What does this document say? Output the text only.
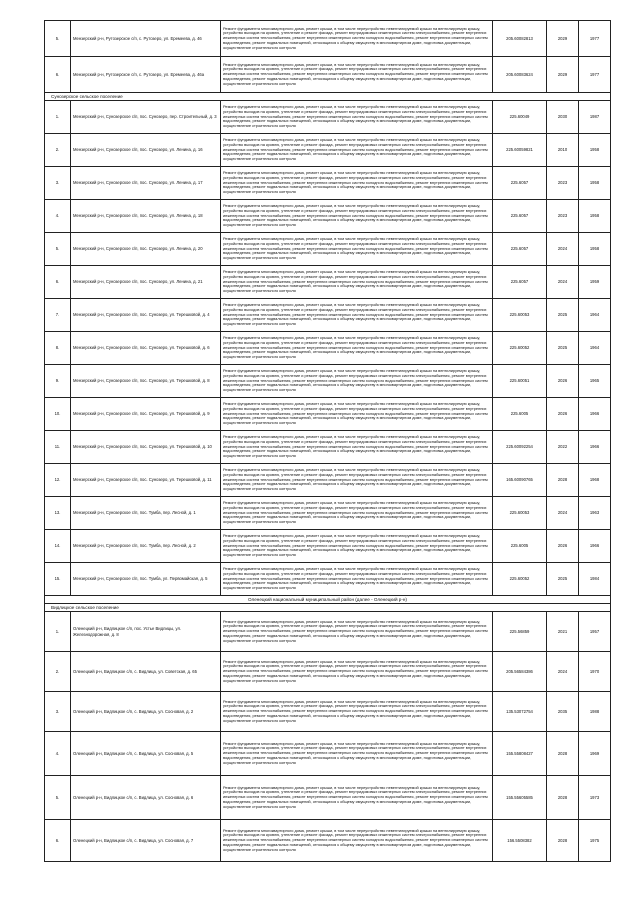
5.	Мензерский р-н, Рутозерское с/п, с. Рутозеро, ул. Еремеева, д. 46	Ремонт фундамента многоквартирного дома, ремонт крыши, в том числе переустройство невентилируемой крыши на вентилируемую крышу, устройство выходов на кровлю, утепление и ремонт фасада, ремонт внутридомовых инженерных систем электроснабжения, ремонт внутренних инженерных систем теплоснабжения, ремонт внутренних инженерных систем холодного водоснабжения, ремонт внутренних инженерных систем водоотведения, ремонт подвальных помещений, относящихся к общему имуществу в многоквартирном доме, подготовка документации, осуществление строительного контроля	205.60082813	2029	1977
6.	Мензерский р-н, Рутозерское с/п, с. Рутозеро, ул. Еремеева, д. 46а	Ремонт фундамента многоквартирного дома, ремонт крыши, в том числе переустройство невентилируемой крыши на вентилируемую крышу, устройство выходов на кровлю, утепление и ремонт фасада, ремонт внутридомовых инженерных систем электроснабжения, ремонт внутренних инженерных систем теплоснабжения, ремонт внутренних инженерных систем холодного водоснабжения, ремонт внутренних инженерных систем водоотведения, ремонт подвальных помещений, относящихся к общему имуществу в многоквартирном доме, подготовка документации, осуществление строительного контроля	205.60083624	2029	1977
Сунозерское сельское поселение					
1.	Мензерский р-н, Сунозерское с/п, пос. Сунозеро, пер. Строительный, д. 3	Ремонт фундамента многоквартирного дома, ремонт крыши, в том числе переустройство невентилируемой крыши на вентилируемую крышу, устройство выходов на кровлю, утепление и ремонт фасада, ремонт внутридомовых инженерных систем электроснабжения, ремонт внутренних инженерных систем теплоснабжения, ремонт внутренних инженерных систем холодного водоснабжения, ремонт внутренних инженерных систем водоотведения, ремонт подвальных помещений, относящихся к общему имуществу в многоквартирном доме, подготовка документации, осуществление строительного контроля	225.60049	2030	1987
2.	Мензерский р-н, Сунозерское с/п, пос. Сунозеро, ул. Ленина, д. 16	Ремонт фундамента многоквартирного дома, ремонт крыши, в том числе переустройство невентилируемой крыши на вентилируемую крышу, устройство выходов на кровлю, утепление и ремонт фасада, ремонт внутридомовых инженерных систем электроснабжения, ремонт внутренних инженерных систем теплоснабжения, ремонт внутренних инженерных систем холодного водоснабжения, ремонт внутренних инженерных систем водоотведения, ремонт подвальных помещений, относящихся к общему имуществу в многоквартирном доме, подготовка документации, осуществление строительного контроля	225.60059821	2010	1958
3.	Мензерский р-н, Сунозерское с/п, пос. Сунозеро, ул. Ленина, д. 17	Ремонт фундамента многоквартирного дома, ремонт крыши, в том числе переустройство невентилируемой крыши на вентилируемую крышу, устройство выходов на кровлю, утепление и ремонт фасада, ремонт внутридомовых инженерных систем электроснабжения, ремонт внутренних инженерных систем теплоснабжения, ремонт внутренних инженерных систем холодного водоснабжения, ремонт внутренних инженерных систем водоотведения, ремонт подвальных помещений, относящихся к общему имуществу в многоквартирном доме, подготовка документации, осуществление строительного контроля	225.6057	2023	1958
4.	Мензерский р-н, Сунозерское с/п, пос. Сунозеро, ул. Ленина, д. 18	Ремонт фундамента многоквартирного дома, ремонт крыши, в том числе переустройство невентилируемой крыши на вентилируемую крышу, устройство выходов на кровлю, утепление и ремонт фасада, ремонт внутридомовых инженерных систем электроснабжения, ремонт внутренних инженерных систем теплоснабжения, ремонт внутренних инженерных систем холодного водоснабжения, ремонт внутренних инженерных систем водоотведения, ремонт подвальных помещений, относящихся к общему имуществу в многоквартирном доме, подготовка документации, осуществление строительного контроля	225.6057	2023	1958
5.	Мензерский р-н, Сунозерское с/п, пос. Сунозеро, ул. Ленина, д. 20	Ремонт фундамента многоквартирного дома, ремонт крыши, в том числе переустройство невентилируемой крыши на вентилируемую крышу, устройство выходов на кровлю, утепление и ремонт фасада, ремонт внутридомовых инженерных систем электроснабжения, ремонт внутренних инженерных систем теплоснабжения, ремонт внутренних инженерных систем холодного водоснабжения, ремонт внутренних инженерных систем водоотведения, ремонт подвальных помещений, относящихся к общему имуществу в многоквартирном доме, подготовка документации, осуществление строительного контроля	225.6057	2024	1958
6.	Мензерский р-н, Сунозерское с/п, пос. Сунозеро, ул. Ленина, д. 21	Ремонт фундамента многоквартирного дома, ремонт крыши, в том числе переустройство невентилируемой крыши на вентилируемую крышу, устройство выходов на кровлю, утепление и ремонт фасада, ремонт внутридомовых инженерных систем электроснабжения, ремонт внутренних инженерных систем теплоснабжения, ремонт внутренних инженерных систем холодного водоснабжения, ремонт внутренних инженерных систем водоотведения, ремонт подвальных помещений, относящихся к общему имуществу в многоквартирном доме, подготовка документации, осуществление строительного контроля	225.6057	2024	1959
7.	Мензерский р-н, Сунозерское с/п, пос. Сунозеро, ул. Терешковой, д. 4	Ремонт фундамента многоквартирного дома, ремонт крыши, в том числе переустройство невентилируемой крыши на вентилируемую крышу, устройство выходов на кровлю, утепление и ремонт фасада, ремонт внутридомовых инженерных систем электроснабжения, ремонт внутренних инженерных систем теплоснабжения, ремонт внутренних инженерных систем холодного водоснабжения, ремонт внутренних инженерных систем водоотведения, ремонт подвальных помещений, относящихся к общему имуществу в многоквартирном доме, подготовка документации, осуществление строительного контроля	225.60053	2025	1964
8.	Мензерский р-н, Сунозерское с/п, пос. Сунозеро, ул. Терешковой, д. 6	Ремонт фундамента многоквартирного дома, ремонт крыши, в том числе переустройство невентилируемой крыши на вентилируемую крышу, устройство выходов на кровлю, утепление и ремонт фасада, ремонт внутридомовых инженерных систем электроснабжения, ремонт внутренних инженерных систем теплоснабжения, ремонт внутренних инженерных систем холодного водоснабжения, ремонт внутренних инженерных систем водоотведения, ремонт подвальных помещений, относящихся к общему имуществу в многоквартирном доме, подготовка документации, осуществление строительного контроля	225.60052	2025	1964
9.	Мензерский р-н, Сунозерское с/п, пос. Сунозеро, ул. Терешковой, д. 8	Ремонт фундамента многоквартирного дома, ремонт крыши, в том числе переустройство невентилируемой крыши на вентилируемую крышу, устройство выходов на кровлю, утепление и ремонт фасада, ремонт внутридомовых инженерных систем электроснабжения, ремонт внутренних инженерных систем теплоснабжения, ремонт внутренних инженерных систем холодного водоснабжения, ремонт внутренних инженерных систем водоотведения, ремонт подвальных помещений, относящихся к общему имуществу в многоквартирном доме, подготовка документации, осуществление строительного контроля	225.60051	2026	1965
10.	Мензерский р-н, Сунозерское с/п, пос. Сунозеро, ул. Терешковой, д. 9	Ремонт фундамента многоквартирного дома, ремонт крыши, в том числе переустройство невентилируемой крыши на вентилируемую крышу, устройство выходов на кровлю, утепление и ремонт фасада, ремонт внутридомовых инженерных систем электроснабжения, ремонт внутренних инженерных систем теплоснабжения, ремонт внутренних инженерных систем холодного водоснабжения, ремонт внутренних инженерных систем водоотведения, ремонт подвальных помещений, относящихся к общему имуществу в многоквартирном доме, подготовка документации, осуществление строительного контроля	225.6005	2026	1966
11.	Мензерский р-н, Сунозерское с/п, пос. Сунозеро, ул. Терешковой, д. 10	Ремонт фундамента многоквартирного дома, ремонт крыши, в том числе переустройство невентилируемой крыши на вентилируемую крышу, устройство выходов на кровлю, утепление и ремонт фасада, ремонт внутридомовых инженерных систем электроснабжения, ремонт внутренних инженерных систем теплоснабжения, ремонт внутренних инженерных систем холодного водоснабжения, ремонт внутренних инженерных систем водоотведения, ремонт подвальных помещений, относящихся к общему имуществу в многоквартирном доме, подготовка документации, осуществление строительного контроля	225.60092254	2022	1966
12.	Мензерский р-н, Сунозерское с/п, пос. Сунозеро, ул. Терешковой, д. 11	Ремонт фундамента многоквартирного дома, ремонт крыши, в том числе переустройство невентилируемой крыши на вентилируемую крышу, устройство выходов на кровлю, утепление и ремонт фасада, ремонт внутридомовых инженерных систем электроснабжения, ремонт внутренних инженерных систем теплоснабжения, ремонт внутренних инженерных систем холодного водоснабжения, ремонт внутренних инженерных систем водоотведения, ремонт подвальных помещений, относящихся к общему имуществу в многоквартирном доме, подготовка документации, осуществление строительного контроля	165.60090765	2028	1968
13.	Мензерский р-н, Сунозерское с/п, пос. Тумба, пер. Лесной, д. 1	Ремонт фундамента многоквартирного дома, ремонт крыши, в том числе переустройство невентилируемой крыши на вентилируемую крышу, устройство выходов на кровлю, утепление и ремонт фасада, ремонт внутридомовых инженерных систем электроснабжения, ремонт внутренних инженерных систем теплоснабжения, ремонт внутренних инженерных систем холодного водоснабжения, ремонт внутренних инженерных систем водоотведения, ремонт подвальных помещений, относящихся к общему имуществу в многоквартирном доме, подготовка документации, осуществление строительного контроля	225.60053	2024	1963
14.	Мензерский р-н, Сунозерское с/п, пос. Тумба, пер. Лесной, д. 2	Ремонт фундамента многоквартирного дома, ремонт крыши, в том числе переустройство невентилируемой крыши на вентилируемую крышу, устройство выходов на кровлю, утепление и ремонт фасада, ремонт внутридомовых инженерных систем электроснабжения, ремонт внутренних инженерных систем теплоснабжения, ремонт внутренних инженерных систем холодного водоснабжения, ремонт внутренних инженерных систем водоотведения, ремонт подвальных помещений, относящихся к общему имуществу в многоквартирном доме, подготовка документации, осуществление строительного контроля	225.6005	2026	1966
15.	Мензерский р-н, Сунозерское с/п, пос. Тумба, ул. Первомайская, д. 5	Ремонт фундамента многоквартирного дома, ремонт крыши, в том числе переустройство невентилируемой крыши на вентилируемую крышу, устройство выходов на кровлю, утепление и ремонт фасада, ремонт внутридомовых инженерных систем электроснабжения, ремонт внутренних инженерных систем теплоснабжения, ремонт внутренних инженерных систем холодного водоснабжения, ремонт внутренних инженерных систем водоотведения, ремонт подвальных помещений, относящихся к общему имуществу в многоквартирном доме, подготовка документации, осуществление строительного контроля	225.60052	2025	1984
Оленецкий национальный муниципальный район (далее - Оленецкий р-н)					
Видлицкое сельское поселение					
1.	Оленецкий р-н, Видлицкое с/п, пос. Устье Видлицы, ул. Железнодорожная, д. 8	Ремонт фундамента многоквартирного дома, ремонт крыши, в том числе переустройство невентилируемой крыши на вентилируемую крышу, устройство выходов на кровлю, утепление и ремонт фасада, ремонт внутридомовых инженерных систем электроснабжения, ремонт внутренних инженерных систем теплоснабжения, ремонт внутренних инженерных систем холодного водоснабжения, ремонт внутренних инженерных систем водоотведения, ремонт подвальных помещений, относящихся к общему имуществу в многоквартирном доме, подготовка документации, осуществление строительного контроля	225.56859	2021	1957
2.	Оленецкий р-н, Видлицкое с/п, с. Видлица, ул. Советская, д. 65	Ремонт фундамента многоквартирного дома, ремонт крыши, в том числе переустройство невентилируемой крыши на вентилируемую крышу, устройство выходов на кровлю, утепление и ремонт фасада, ремонт внутридомовых инженерных систем электроснабжения, ремонт внутренних инженерных систем теплоснабжения, ремонт внутренних инженерных систем холодного водоснабжения, ремонт внутренних инженерных систем водоотведения, ремонт подвальных помещений, относящихся к общему имуществу в многоквартирном доме, подготовка документации, осуществление строительного контроля	205.56584386	2024	1970
3.	Оленецкий р-н, Видлицкое с/п, с. Видлица, ул. Сосновая, д. 2	Ремонт фундамента многоквартирного дома, ремонт крыши, в том числе переустройство невентилируемой крыши на вентилируемую крышу, устройство выходов на кровлю, утепление и ремонт фасада, ремонт внутридомовых инженерных систем электроснабжения, ремонт внутренних инженерных систем теплоснабжения, ремонт внутренних инженерных систем холодного водоснабжения, ремонт внутренних инженерных систем водоотведения, ремонт подвальных помещений, относящихся к общему имуществу в многоквартирном доме, подготовка документации, осуществление строительного контроля	135.53072754	2035	1988
4.	Оленецкий р-н, Видлицкое с/п, с. Видлица, ул. Сосновая, д. 5	Ремонт фундамента многоквартирного дома, ремонт крыши, в том числе переустройство невентилируемой крыши на вентилируемую крышу, устройство выходов на кровлю, утепление и ремонт фасада, ремонт внутридомовых инженерных систем электроснабжения, ремонт внутренних инженерных систем теплоснабжения, ремонт внутренних инженерных систем холодного водоснабжения, ремонт внутренних инженерных систем водоотведения, ремонт подвальных помещений, относящихся к общему имуществу в многоквартирном доме, подготовка документации, осуществление строительного контроля	155.55808427	2028	1969
5.	Оленецкий р-н, Видлицкое с/п, с. Видлица, ул. Сосновая, д. 6	Ремонт фундамента многоквартирного дома, ремонт крыши, в том числе переустройство невентилируемой крыши на вентилируемую крышу, устройство выходов на кровлю, утепление и ремонт фасада, ремонт внутридомовых инженерных систем электроснабжения, ремонт внутренних инженерных систем теплоснабжения, ремонт внутренних инженерных систем холодного водоснабжения, ремонт внутренних инженерных систем водоотведения, ремонт подвальных помещений, относящихся к общему имуществу в многоквартирном доме, подготовка документации, осуществление строительного контроля	155.55605585	2028	1973
6.	Оленецкий р-н, Видлицкое с/п, с. Видлица, ул. Сосновая, д. 7	Ремонт фундамента многоквартирного дома, ремонт крыши, в том числе переустройство невентилируемой крыши на вентилируемую крышу, устройство выходов на кровлю, утепление и ремонт фасада, ремонт внутридомовых инженерных систем электроснабжения, ремонт внутренних инженерных систем теплоснабжения, ремонт внутренних инженерных систем холодного водоснабжения, ремонт внутренних инженерных систем водоотведения, ремонт подвальных помещений, относящихся к общему имуществу в многоквартирном доме, подготовка документации, осуществление строительного контроля	156.5508382	2028	1975
